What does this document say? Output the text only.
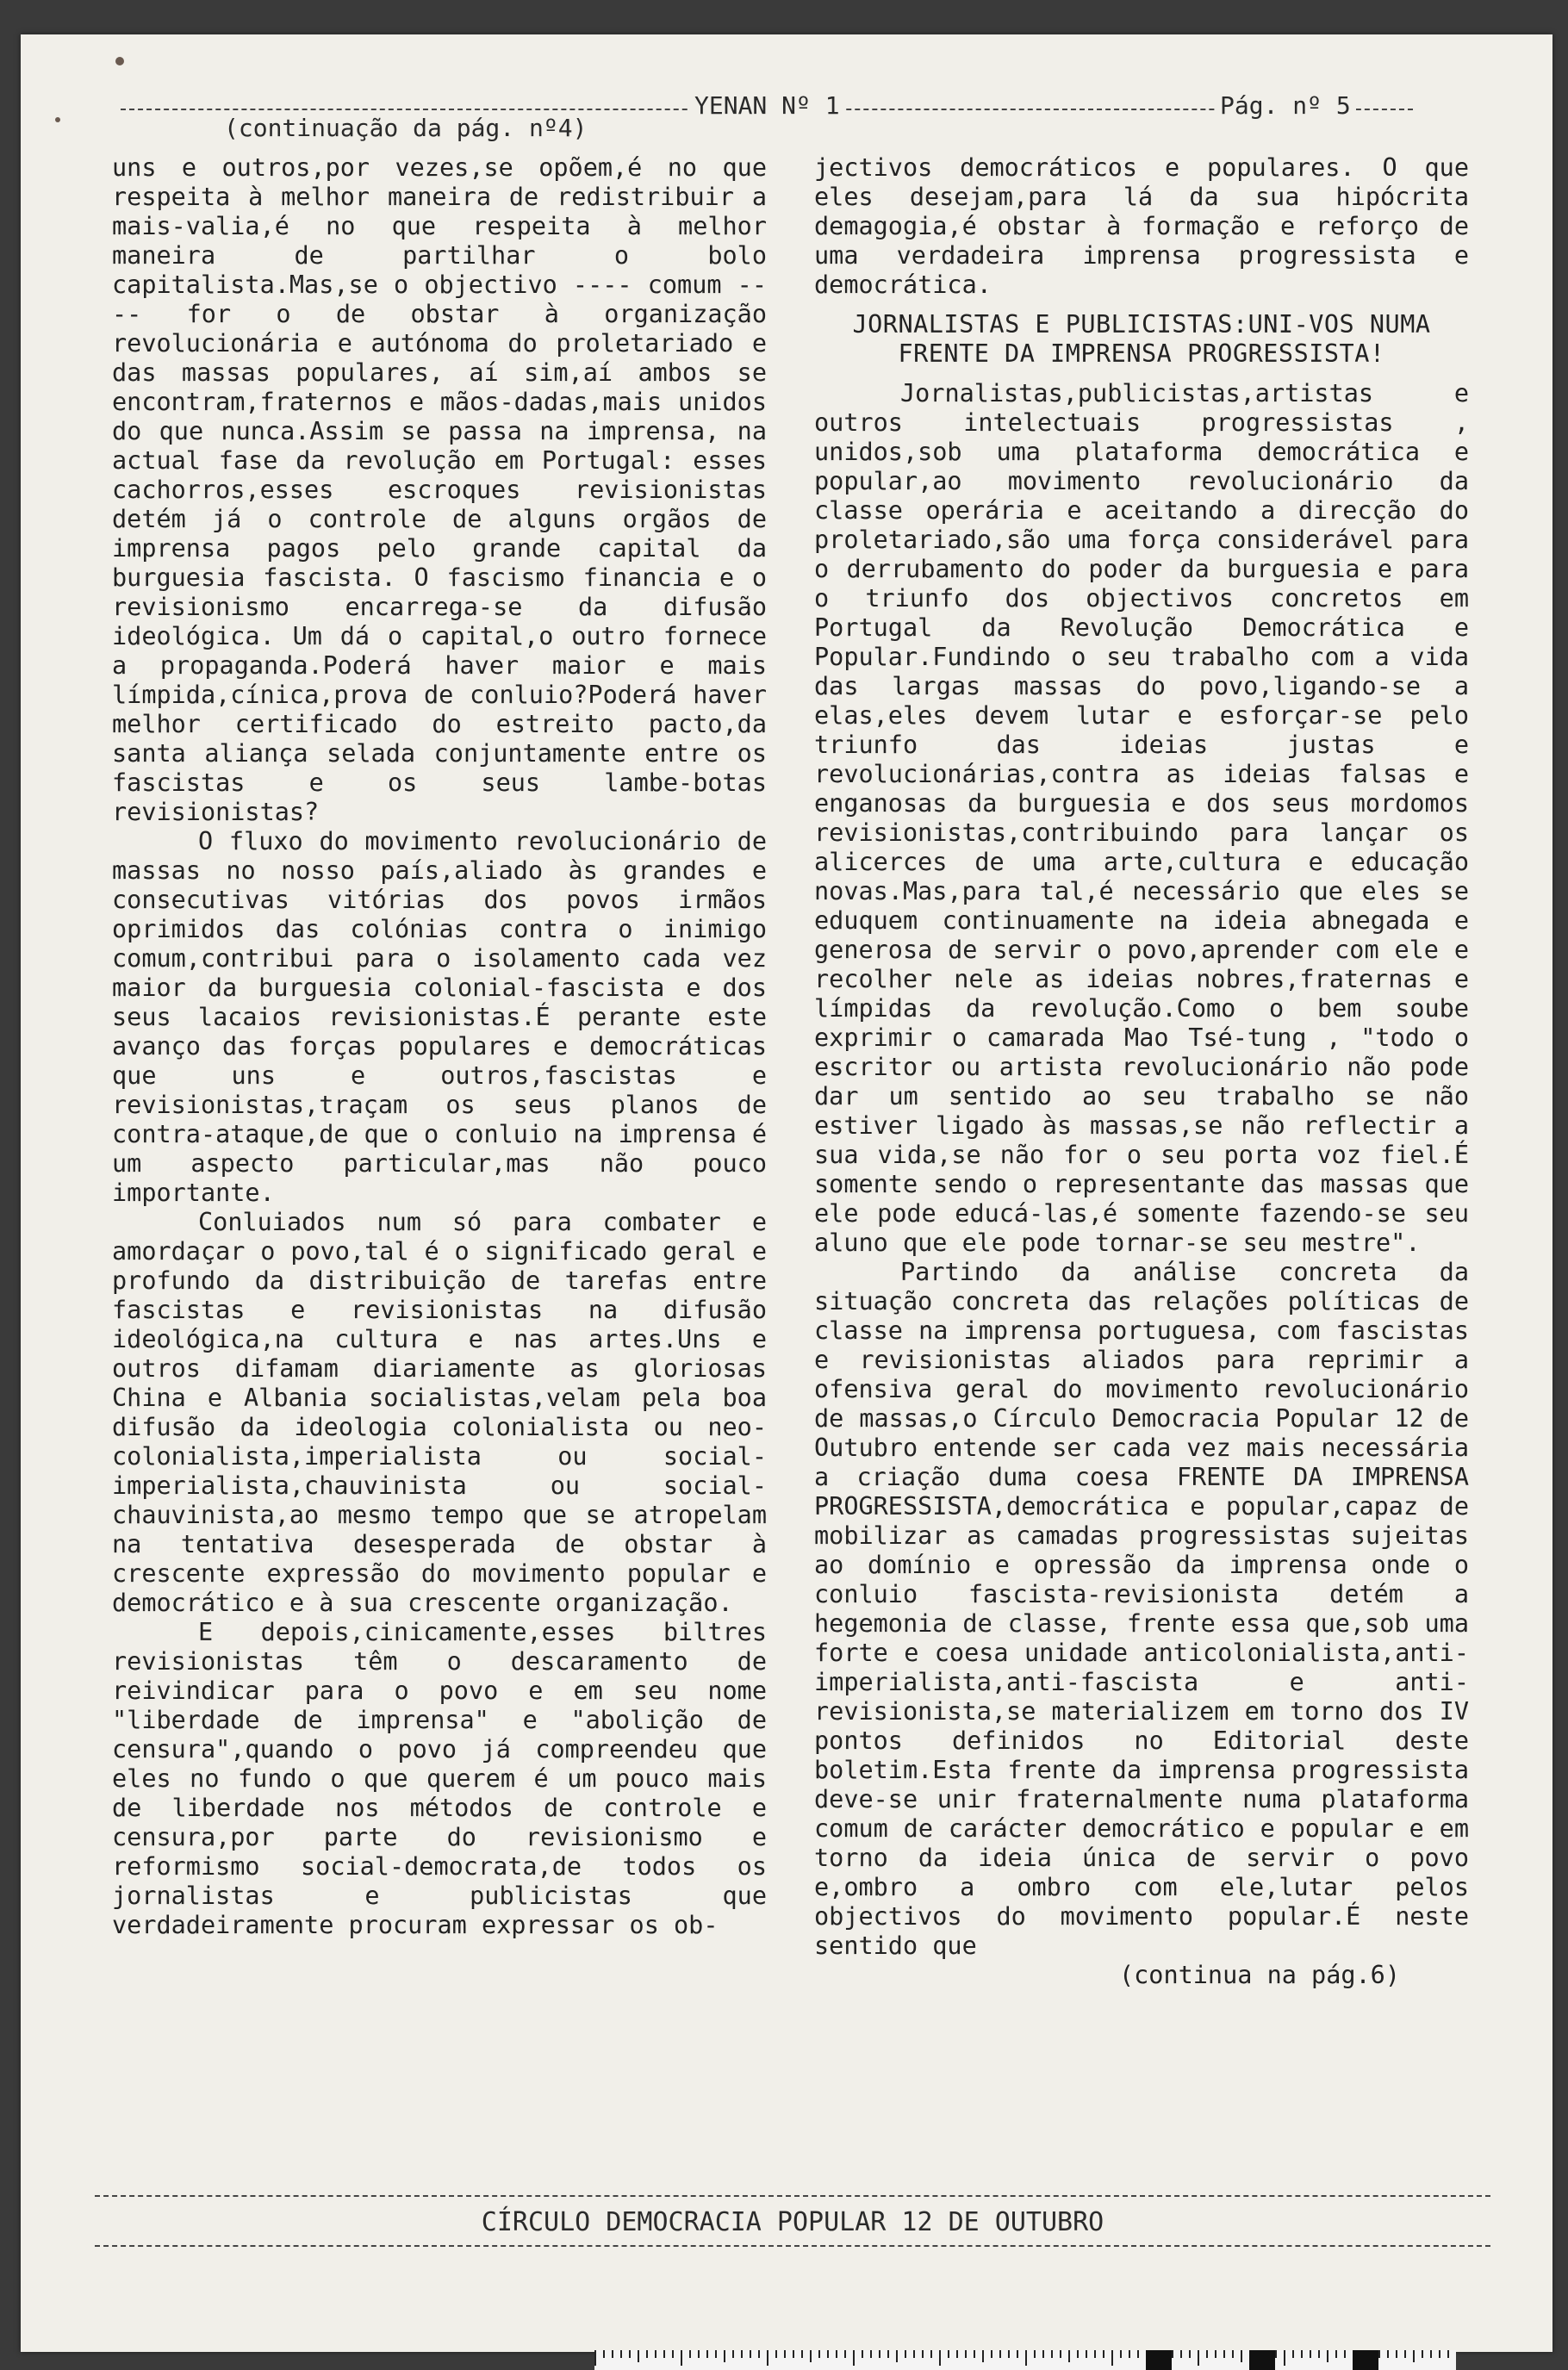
YENAN Nº 1	Pág. nº 5
(continuação da pág. nº4)

uns e outros,por vezes,se opõem,é no que respeita à melhor maneira de redistribuir a mais-valia,é no que respeita à melhor maneira de partilhar o bolo capitalista.Mas,se o objectivo ---- comum ---- for o de obstar à organização revolucionária e autónoma do proletariado e das massas populares, aí sim,aí ambos se encontram,fraternos e mãos-dadas,mais unidos do que nunca.Assim se passa na imprensa, na actual fase da revolução em Portugal: esses cachorros,esses escroques revisionistas detém já o controle de alguns orgãos de imprensa pagos pelo grande capital da burguesia fascista. O fascismo financia e o revisionismo encarrega-se da difusão ideológica. Um dá o capital,o outro fornece a propaganda.Poderá haver maior e mais límpida,cínica,prova de conluio?Poderá haver melhor certificado do estreito pacto,da santa aliança selada conjuntamente entre os fascistas e os seus lambe-botas revisionistas?

O fluxo do movimento revolucionário de massas no nosso país,aliado às grandes e consecutivas vitórias dos povos irmãos oprimidos das colónias contra o inimigo comum,contribui para o isolamento cada vez maior da burguesia colonial-fascista e dos seus lacaios revisionistas.É perante este avanço das forças populares e democráticas que uns e outros,fascistas e revisionistas,traçam os seus planos de contra-ataque,de que o conluio na imprensa é um aspecto particular,mas não pouco importante.

Conluiados num só para combater e amordaçar o povo,tal é o significado geral e profundo da distribuição de tarefas entre fascistas e revisionistas na difusão ideológica,na cultura e nas artes.Uns e outros difamam diariamente as gloriosas China e Albania socialistas,velam pela boa difusão da ideologia colonialista ou neo-colonialista,imperialista ou social-imperialista,chauvinista ou social-chauvinista,ao mesmo tempo que se atropelam na tentativa desesperada de obstar à crescente expressão do movimento popular e democrático e à sua crescente organização.

E depois,cinicamente,esses biltres revisionistas têm o descaramento de reivindicar para o povo e em seu nome "liberdade de imprensa" e "abolição de censura",quando o povo já compreendeu que eles no fundo o que querem é um pouco mais de liberdade nos métodos de controle e censura,por parte do revisionismo e reformismo social-democrata,de todos os jornalistas e publicistas que verdadeiramente procuram expressar os ob-

jectivos democráticos e populares. O que eles desejam,para lá da sua hipócrita demagogia,é obstar à formação e reforço de uma verdadeira imprensa progressista e democrática.

JORNALISTAS E PUBLICISTAS:UNI-VOS NUMA FRENTE DA IMPRENSA PROGRESSISTA!

Jornalistas,publicistas,artistas e outros intelectuais progressistas , unidos,sob uma plataforma democrática e popular,ao movimento revolucionário da classe operária e aceitando a direcção do proletariado,são uma força considerável para o derrubamento do poder da burguesia e para o triunfo dos objectivos concretos em Portugal da Revolução Democrática e Popular.Fundindo o seu trabalho com a vida das largas massas do povo,ligando-se a elas,eles devem lutar e esforçar-se pelo triunfo das ideias justas e revolucionárias,contra as ideias falsas e enganosas da burguesia e dos seus mordomos revisionistas,contribuindo para lançar os alicerces de uma arte,cultura e educação novas.Mas,para tal,é necessário que eles se eduquem continuamente na ideia abnegada e generosa de servir o povo,aprender com ele e recolher nele as ideias nobres,fraternas e límpidas da revolução.Como o bem soube exprimir o camarada Mao Tsé-tung , "todo o escritor ou artista revolucionário não pode dar um sentido ao seu trabalho se não estiver ligado às massas,se não reflectir a sua vida,se não for o seu porta voz fiel.É somente sendo o representante das massas que ele pode educá-las,é somente fazendo-se seu aluno que ele pode tornar-se seu mestre".

Partindo da análise concreta da situação concreta das relações políticas de classe na imprensa portuguesa, com fascistas e revisionistas aliados para reprimir a ofensiva geral do movimento revolucionário de massas,o Círculo Democracia Popular 12 de Outubro entende ser cada vez mais necessária a criação duma coesa FRENTE DA IMPRENSA PROGRESSISTA,democrática e popular,capaz de mobilizar as camadas progressistas sujeitas ao domínio e opressão da imprensa onde o conluio fascista-revisionista detém a hegemonia de classe, frente essa que,sob uma forte e coesa unidade anticolonialista,anti-imperialista,anti-fascista e anti-revisionista,se materializem em torno dos IV pontos definidos no Editorial deste boletim.Esta frente da imprensa progressista deve-se unir fraternalmente numa plataforma comum de carácter democrático e popular e em torno da ideia única de servir o povo e,ombro a ombro com ele,lutar pelos objectivos do movimento popular.É neste sentido que

(continua na pág.6)

CÍRCULO DEMOCRACIA POPULAR 12 DE OUTUBRO
